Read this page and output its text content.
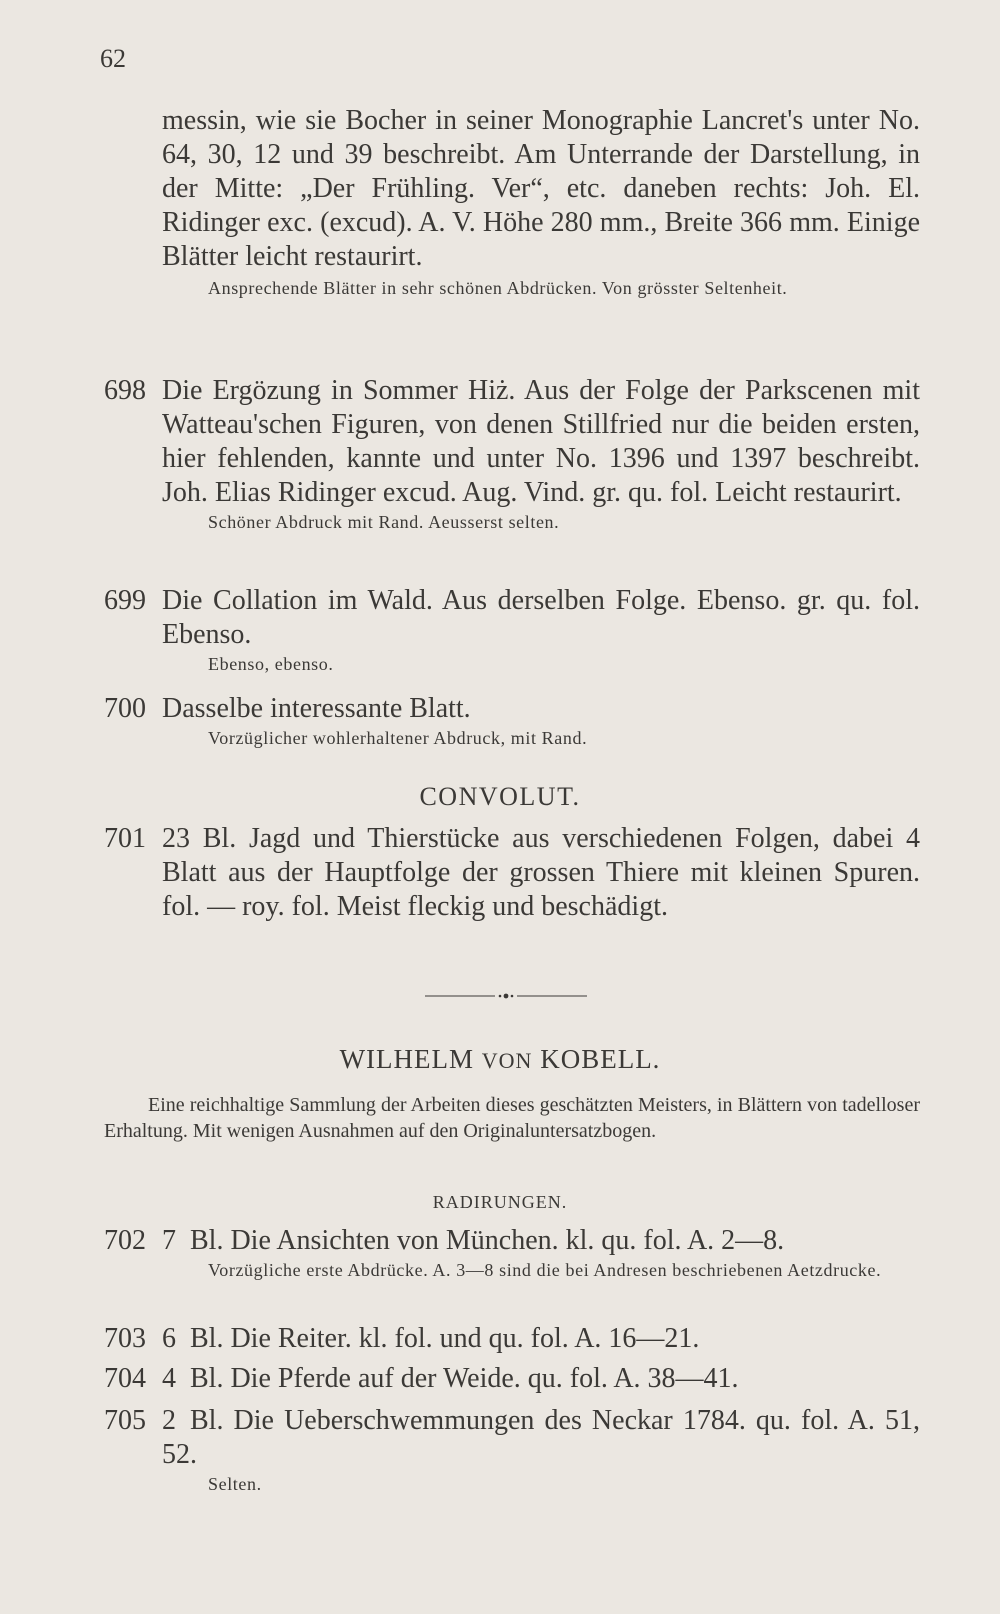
62
messin, wie sie Bocher in seiner Monographie Lancret's unter No. 64, 30, 12 und 39 beschreibt. Am Unterrande der Darstellung, in der Mitte: „Der Frühling. Ver“, etc. daneben rechts: Joh. El. Ridinger exc. (excud). A. V. Höhe 280 mm., Breite 366 mm. Einige Blätter leicht restaurirt.
Ansprechende Blätter in sehr schönen Abdrücken. Von grösster Seltenheit.
698 Die Ergözung in Sommer Hiż. Aus der Folge der Parkscenen mit Watteau'schen Figuren, von denen Stillfried nur die beiden ersten, hier fehlenden, kannte und unter No. 1396 und 1397 beschreibt. Joh. Elias Ridinger excud. Aug. Vind. gr. qu. fol. Leicht restaurirt.
Schöner Abdruck mit Rand. Aeusserst selten.
699 Die Collation im Wald. Aus derselben Folge. Ebenso. gr. qu. fol. Ebenso.
Ebenso, ebenso.
700 Dasselbe interessante Blatt.
Vorzüglicher wohlerhaltener Abdruck, mit Rand.
CONVOLUT.
701 23 Bl. Jagd und Thierstücke aus verschiedenen Folgen, dabei 4 Blatt aus der Hauptfolge der grossen Thiere mit kleinen Spuren. fol. — roy. fol. Meist fleckig und beschädigt.
WILHELM VON KOBELL.
Eine reichhaltige Sammlung der Arbeiten dieses geschätzten Meisters, in Blättern von tadelloser Erhaltung. Mit wenigen Ausnahmen auf den Originaluntersatzbogen.
RADIRUNGEN.
702 7 Bl. Die Ansichten von München. kl. qu. fol. A. 2—8.
Vorzügliche erste Abdrücke. A. 3—8 sind die bei Andresen beschriebenen Aetzdrucke.
703 6 Bl. Die Reiter. kl. fol. und qu. fol. A. 16—21.
704 4 Bl. Die Pferde auf der Weide. qu. fol. A. 38—41.
705 2 Bl. Die Ueberschwemmungen des Neckar 1784. qu. fol. A. 51, 52.
Selten.
